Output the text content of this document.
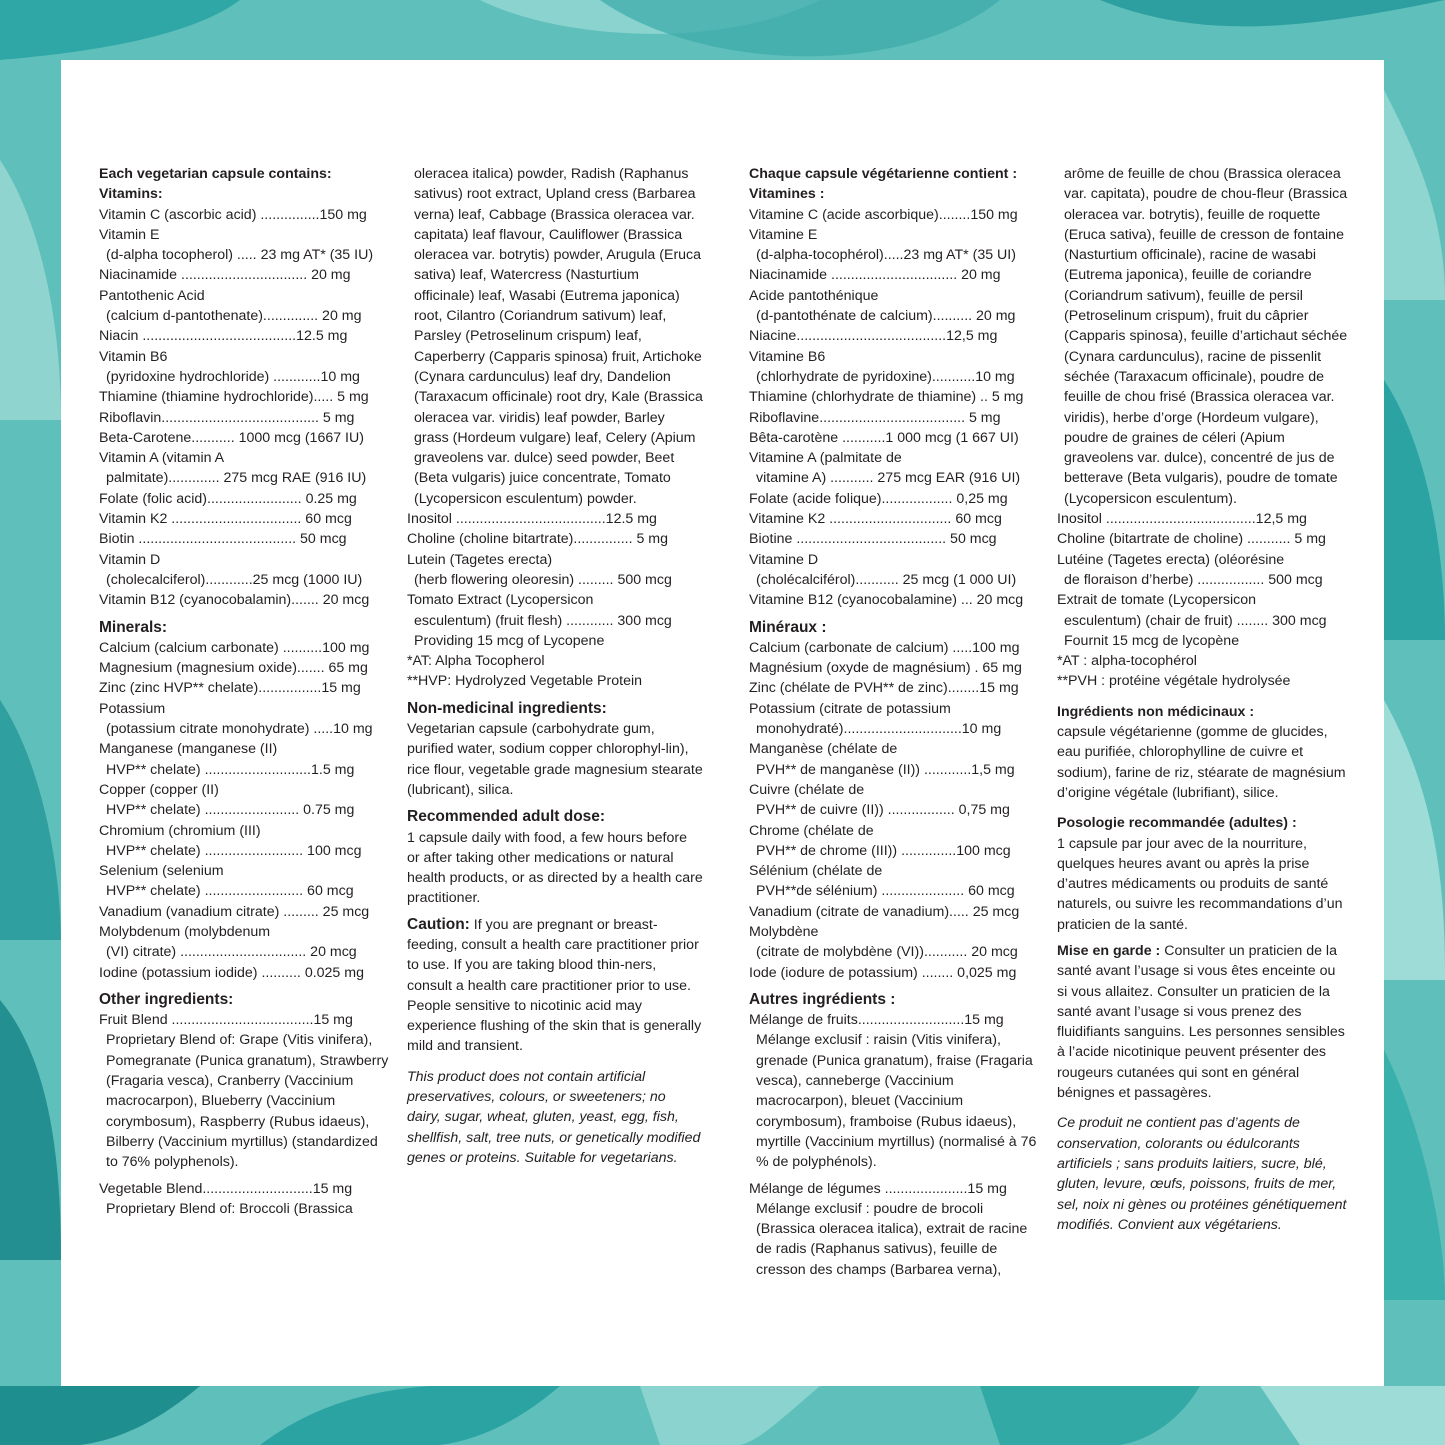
Each vegetarian capsule contains:
Vitamins:
Vitamin C (ascorbic acid) ...............150 mg
Vitamin E
(d-alpha tocopherol) ..... 23 mg AT* (35 IU)
Niacinamide ................................ 20 mg
Pantothenic Acid
(calcium d-pantothenate).............. 20 mg
Niacin .......................................12.5 mg
Vitamin B6
(pyridoxine hydrochloride) ............10 mg
Thiamine (thiamine hydrochloride)..... 5 mg
Riboflavin........................................ 5 mg
Beta-Carotene........... 1000 mcg (1667 IU)
Vitamin A (vitamin A
palmitate)............. 275 mcg RAE (916 IU)
Folate (folic acid)........................ 0.25 mg
Vitamin K2 ................................. 60 mcg
Biotin ........................................ 50 mcg
Vitamin D
(cholecalciferol)............25 mcg (1000 IU)
Vitamin B12 (cyanocobalamin)....... 20 mcg
Minerals:
Calcium (calcium carbonate) ..........100 mg
Magnesium (magnesium oxide)....... 65 mg
Zinc (zinc HVP** chelate)................15 mg
Potassium
(potassium citrate monohydrate) .....10 mg
Manganese (manganese (II)
HVP** chelate) ...........................1.5 mg
Copper (copper (II)
HVP** chelate) ........................ 0.75 mg
Chromium (chromium (III)
HVP** chelate) ......................... 100 mcg
Selenium (selenium
HVP** chelate) ......................... 60 mcg
Vanadium (vanadium citrate) ......... 25 mcg
Molybdenum (molybdenum
(VI) citrate) ................................ 20 mcg
Iodine (potassium iodide) .......... 0.025 mg
Other ingredients:
Fruit Blend ....................................15 mg
Proprietary Blend of: Grape (Vitis vinifera), Pomegranate (Punica granatum), Strawberry (Fragaria vesca), Cranberry (Vaccinium macrocarpon), Blueberry (Vaccinium corymbosum), Raspberry (Rubus idaeus), Bilberry (Vaccinium myrtillus) (standardized to 76% polyphenols).
Vegetable Blend............................15 mg
Proprietary Blend of: Broccoli (Brassica
oleracea italica) powder, Radish (Raphanus sativus) root extract, Upland cress (Barbarea verna) leaf, Cabbage (Brassica oleracea var. capitata) leaf flavour, Cauliflower (Brassica oleracea var. botrytis) powder, Arugula (Eruca sativa) leaf, Watercress (Nasturtium officinale) leaf, Wasabi (Eutrema japonica) root, Cilantro (Coriandrum sativum) leaf, Parsley (Petroselinum crispum) leaf, Caperberry (Capparis spinosa) fruit, Artichoke (Cynara cardunculus) leaf dry, Dandelion (Taraxacum officinale) root dry, Kale (Brassica oleracea var. viridis) leaf powder, Barley grass (Hordeum vulgare) leaf, Celery (Apium graveolens var. dulce) seed powder, Beet (Beta vulgaris) juice concentrate, Tomato (Lycopersicon esculentum) powder.
Inositol ......................................12.5 mg
Choline (choline bitartrate)............... 5 mg
Lutein (Tagetes erecta)
(herb flowering oleoresin) ......... 500 mcg
Tomato Extract (Lycopersicon
esculentum) (fruit flesh) ............ 300 mcg
Providing 15 mcg of Lycopene
*AT: Alpha Tocopherol
**HVP: Hydrolyzed Vegetable Protein
Non-medicinal ingredients:
Vegetarian capsule (carbohydrate gum, purified water, sodium copper chlorophyl-lin), rice flour, vegetable grade magnesium stearate (lubricant), silica.
Recommended adult dose:
1 capsule daily with food, a few hours before or after taking other medications or natural health products, or as directed by a health care practitioner.
Caution: If you are pregnant or breast-feeding, consult a health care practitioner prior to use. If you are taking blood thin-ners, consult a health care practitioner prior to use. People sensitive to nicotinic acid may experience flushing of the skin that is generally mild and transient.
This product does not contain artificial preservatives, colours, or sweeteners; no dairy, sugar, wheat, gluten, yeast, egg, fish, shellfish, salt, tree nuts, or genetically modified genes or proteins. Suitable for vegetarians.
Chaque capsule végétarienne contient :
Vitamines :
Vitamine C (acide ascorbique)........150 mg
Vitamine E
(d-alpha-tocophérol).....23 mg AT* (35 UI)
Niacinamide ................................ 20 mg
Acide pantothénique
(d-pantothénate de calcium).......... 20 mg
Niacine......................................12,5 mg
Vitamine B6
(chlorhydrate de pyridoxine)...........10 mg
Thiamine (chlorhydrate de thiamine) .. 5 mg
Riboflavine..................................... 5 mg
Bêta-carotène ...........1 000 mcg (1 667 UI)
Vitamine A (palmitate de
vitamine A) ........... 275 mcg EAR (916 UI)
Folate (acide folique).................. 0,25 mg
Vitamine K2 ............................... 60 mcg
Biotine ...................................... 50 mcg
Vitamine D
(cholécalciférol)........... 25 mcg (1 000 UI)
Vitamine B12 (cyanocobalamine) ... 20 mcg
Minéraux :
Calcium (carbonate de calcium) .....100 mg
Magnésium (oxyde de magnésium) . 65 mg
Zinc (chélate de PVH** de zinc)........15 mg
Potassium (citrate de potassium
monohydraté)..............................10 mg
Manganèse (chélate de
PVH** de manganèse (II)) ............1,5 mg
Cuivre (chélate de
PVH** de cuivre (II)) ................. 0,75 mg
Chrome (chélate de
PVH** de chrome (III)) ..............100 mcg
Sélénium (chélate de
PVH**de sélénium) ..................... 60 mcg
Vanadium (citrate de vanadium)..... 25 mcg
Molybdène
(citrate de molybdène (VI))........... 20 mcg
Iode (iodure de potassium) ........ 0,025 mg
Autres ingrédients :
Mélange de fruits...........................15 mg
Mélange exclusif : raisin (Vitis vinifera), grenade (Punica granatum), fraise (Fragaria vesca), canneberge (Vaccinium macrocarpon), bleuet (Vaccinium corymbosum), framboise (Rubus idaeus), myrtille (Vaccinium myrtillus) (normalisé à 76 % de polyphénols).
Mélange de légumes .....................15 mg
Mélange exclusif : poudre de brocoli (Brassica oleracea italica), extrait de racine de radis (Raphanus sativus), feuille de cresson des champs (Barbarea verna),
arôme de feuille de chou (Brassica oleracea var. capitata), poudre de chou-fleur (Brassica oleracea var. botrytis), feuille de roquette (Eruca sativa), feuille de cresson de fontaine (Nasturtium officinale), racine de wasabi (Eutrema japonica), feuille de coriandre (Coriandrum sativum), feuille de persil (Petroselinum crispum), fruit du câprier (Capparis spinosa), feuille d’artichaut séchée (Cynara cardunculus), racine de pissenlit séchée (Taraxacum officinale), poudre de feuille de chou frisé (Brassica oleracea var. viridis), herbe d’orge (Hordeum vulgare), poudre de graines de céleri (Apium graveolens var. dulce), concentré de jus de betterave (Beta vulgaris), poudre de tomate (Lycopersicon esculentum).
Inositol ......................................12,5 mg
Choline (bitartrate de choline) ........... 5 mg
Lutéine (Tagetes erecta) (oléorésine
de floraison d’herbe) ................. 500 mcg
Extrait de tomate (Lycopersicon
esculentum) (chair de fruit) ........ 300 mcg
Fournit 15 mcg de lycopène
*AT : alpha-tocophérol
**PVH : protéine végétale hydrolysée
Ingrédients non médicinaux :
capsule végétarienne (gomme de glucides, eau purifiée, chlorophylline de cuivre et sodium), farine de riz, stéarate de magnésium d’origine végétale (lubrifiant), silice.
Posologie recommandée (adultes) :
1 capsule par jour avec de la nourriture, quelques heures avant ou après la prise d’autres médicaments ou produits de santé naturels, ou suivre les recommandations d’un praticien de la santé.
Mise en garde : Consulter un praticien de la santé avant l’usage si vous êtes enceinte ou si vous allaitez. Consulter un praticien de la santé avant l’usage si vous prenez des fluidifiants sanguins. Les personnes sensibles à l’acide nicotinique peuvent présenter des rougeurs cutanées qui sont en général bénignes et passagères.
Ce produit ne contient pas d’agents de conservation, colorants ou édulcorants artificiels ; sans produits laitiers, sucre, blé, gluten, levure, œufs, poissons, fruits de mer, sel, noix ni gènes ou protéines génétiquement modifiés. Convient aux végétariens.
